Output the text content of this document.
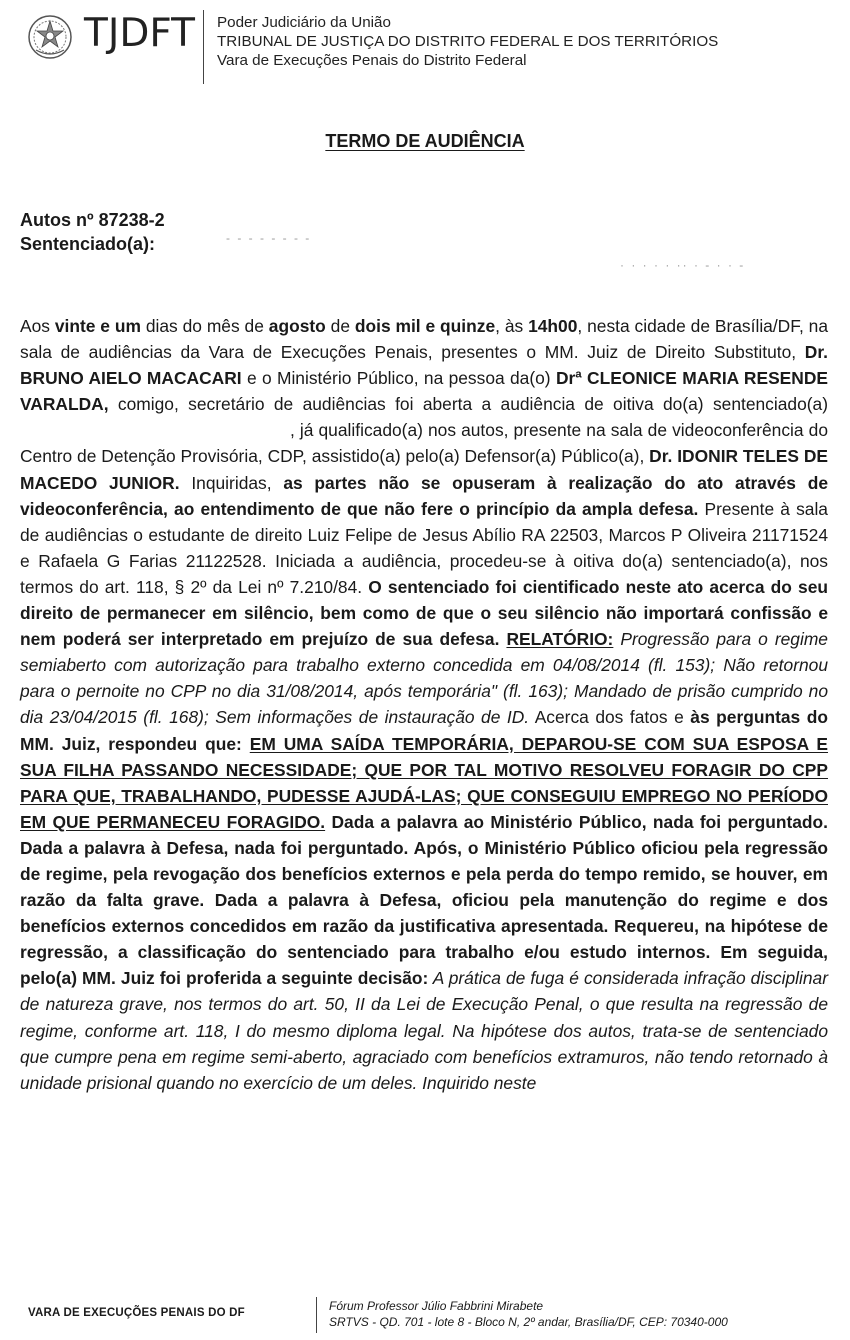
TJDFT Poder Judiciário da União
TRIBUNAL DE JUSTIÇA DO DISTRITO FEDERAL E DOS TERRITÓRIOS
Vara de Execuções Penais do Distrito Federal
TERMO DE AUDIÊNCIA
Autos nº 87238-2
Sentenciado(a):	- - - - - - - -
· · · · · ·· · - · · -

Aos vinte e um dias do mês de agosto de dois mil e quinze, às 14h00, nesta cidade de Brasília/DF, na sala de audiências da Vara de Execuções Penais, presentes o MM. Juiz de Direito Substituto, Dr. BRUNO AIELO MACACARI e o Ministério Público, na pessoa da(o) Drª CLEONICE MARIA RESENDE VARALDA, comigo, secretário de audiências foi aberta a audiência de oitiva do(a) sentenciado(a), já qualificado(a) nos autos, presente na sala de videoconferência do Centro de Detenção Provisória, CDP, assistido(a) pelo(a) Defensor(a) Público(a), Dr. IDONIR TELES DE MACEDO JUNIOR. Inquiridas, as partes não se opuseram à realização do ato através de videoconferência, ao entendimento de que não fere o princípio da ampla defesa. Presente à sala de audiências o estudante de direito Luiz Felipe de Jesus Abílio RA 22503, Marcos P Oliveira 21171524 e Rafaela G Farias 21122528. Iniciada a audiência, procedeu-se à oitiva do(a) sentenciado(a), nos termos do art. 118, § 2º da Lei nº 7.210/84. O sentenciado foi cientificado neste ato acerca do seu direito de permanecer em silêncio, bem como de que o seu silêncio não importará confissão e nem poderá ser interpretado em prejuízo de sua defesa. RELATÓRIO: Progressão para o regime semiaberto com autorização para trabalho externo concedida em 04/08/2014 (fl. 153); Não retornou para o pernoite no CPP no dia 31/08/2014, após temporária" (fl. 163); Mandado de prisão cumprido no dia 23/04/2015 (fl. 168); Sem informações de instauração de ID. Acerca dos fatos e às perguntas do MM. Juiz, respondeu que: EM UMA SAÍDA TEMPORÁRIA, DEPAROU-SE COM SUA ESPOSA E SUA FILHA PASSANDO NECESSIDADE; QUE POR TAL MOTIVO RESOLVEU FORAGIR DO CPP PARA QUE, TRABALHANDO, PUDESSE AJUDÁ-LAS; QUE CONSEGUIU EMPREGO NO PERÍODO EM QUE PERMANECEU FORAGIDO. Dada a palavra ao Ministério Público, nada foi perguntado. Dada a palavra à Defesa, nada foi perguntado. Após, o Ministério Público oficiou pela regressão de regime, pela revogação dos benefícios externos e pela perda do tempo remido, se houver, em razão da falta grave. Dada a palavra à Defesa, oficiou pela manutenção do regime e dos benefícios externos concedidos em razão da justificativa apresentada. Requereu, na hipótese de regressão, a classificação do sentenciado para trabalho e/ou estudo internos. Em seguida, pelo(a) MM. Juiz foi proferida a seguinte decisão: A prática de fuga é considerada infração disciplinar de natureza grave, nos termos do art. 50, II da Lei de Execução Penal, o que resulta na regressão de regime, conforme art. 118, I do mesmo diploma legal. Na hipótese dos autos, trata-se de sentenciado que cumpre pena em regime semi-aberto, agraciado com benefícios extramuros, não tendo retornado à unidade prisional quando no exercício de um deles. Inquirido neste

VARA DE EXECUÇÕES PENAIS DO DF	Fórum Professor Júlio Fabbrini Mirabete
SRTVS - QD. 701 - lote 8 - Bloco N, 2º andar, Brasília/DF, CEP: 70340-000
